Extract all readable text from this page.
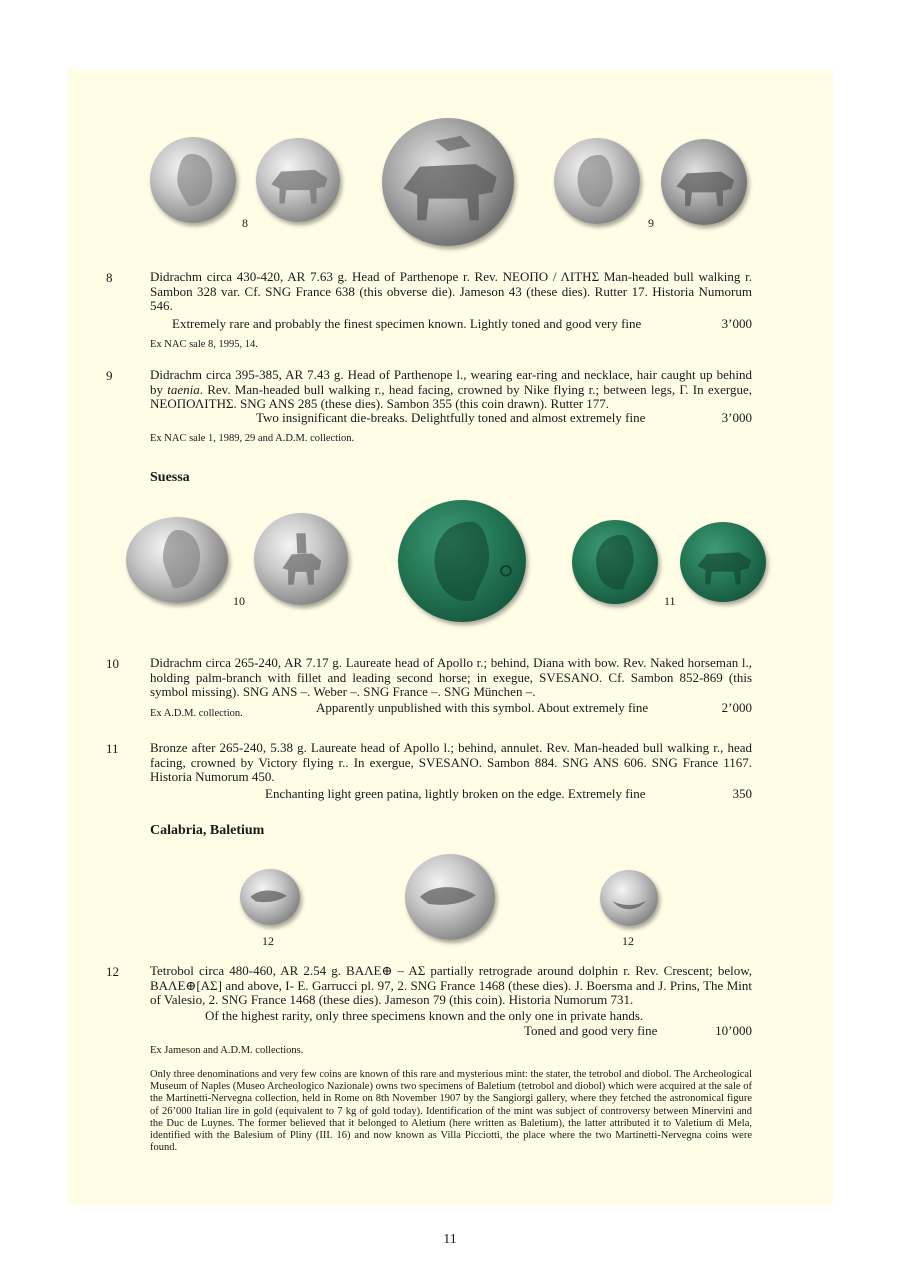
8	9
8	Didrachm circa 430-420, AR 7.63 g. Head of Parthenope r. Rev. ΝΕΟΠΟ / ΛΙΤΗΣ Man-headed bull walking r. Sambon 328 var. Cf. SNG France 638 (this obverse die). Jameson 43 (these dies). Rutter 17. Historia Numorum 546.
Extremely rare and probably the finest specimen known. Lightly toned and good very fine	3’000
Ex NAC sale 8, 1995, 14.
9	Didrachm circa 395-385, AR 7.43 g. Head of Parthenope l., wearing ear-ring and necklace, hair caught up behind by taenia. Rev. Man-headed bull walking r., head facing, crowned by Nike flying r.; between legs, Γ. In exergue, ΝΕΟΠΟΛΙΤΗΣ. SNG ANS 285 (these dies). Sambon 355 (this coin drawn). Rutter 177.
Two insignificant die-breaks. Delightfully toned and almost extremely fine	3’000
Ex NAC sale 1, 1989, 29 and A.D.M. collection.
Suessa
10	11
10 Didrachm circa 265-240, AR 7.17 g. Laureate head of Apollo r.; behind, Diana with bow. Rev. Naked horseman l., holding palm-branch with fillet and leading second horse; in exegue, SVESANO. Cf. Sambon 852-869 (this symbol missing). SNG ANS –. Weber –. SNG France –. SNG München –.
Ex A.D.M. collection.	Apparently unpublished with this symbol. About extremely fine	2’000
11 Bronze after 265-240, 5.38 g. Laureate head of Apollo l.; behind, annulet. Rev. Man-headed bull walking r., head facing, crowned by Victory flying r.. In exergue, SVESANO. Sambon 884. SNG ANS 606. SNG France 1167. Historia Numorum 450.
Enchanting light green patina, lightly broken on the edge. Extremely fine	350
Calabria, Baletium
12	12
12 Tetrobol circa 480-460, AR 2.54 g. ΒΑΛΕ⊕ – ΑΣ partially retrograde around dolphin r. Rev. Crescent; below, ΒΑΛΕ⊕[ΑΣ] and above, I- E. Garrucci pl. 97, 2. SNG France 1468 (these dies). J. Boersma and J. Prins, The Mint of Valesio, 2. SNG France 1468 (these dies). Jameson 79 (this coin). Historia Numorum 731.
Of the highest rarity, only three specimens known and the only one in private hands.
Toned and good very fine	10’000
Ex Jameson and A.D.M. collections.
Only three denominations and very few coins are known of this rare and mysterious mint: the stater, the tetrobol and diobol. The Archeological Museum of Naples (Museo Archeologico Nazionale) owns two specimens of Baletium (tetrobol and diobol) which were acquired at the sale of the Martinetti-Nervegna collection, held in Rome on 8th November 1907 by the Sangiorgi gallery, where they fetched the astronomical figure of 26’000 Italian lire in gold (equivalent to 7 kg of gold today). Identification of the mint was subject of controversy between Minervini and the Duc de Luynes. The former believed that it belonged to Aletium (here written as Baletium), the latter attributed it to Valetium di Mela, identified with the Balesium of Pliny (III. 16) and now known as Villa Picciotti, the place where the two Martinetti-Nervegna coins were found.
11
